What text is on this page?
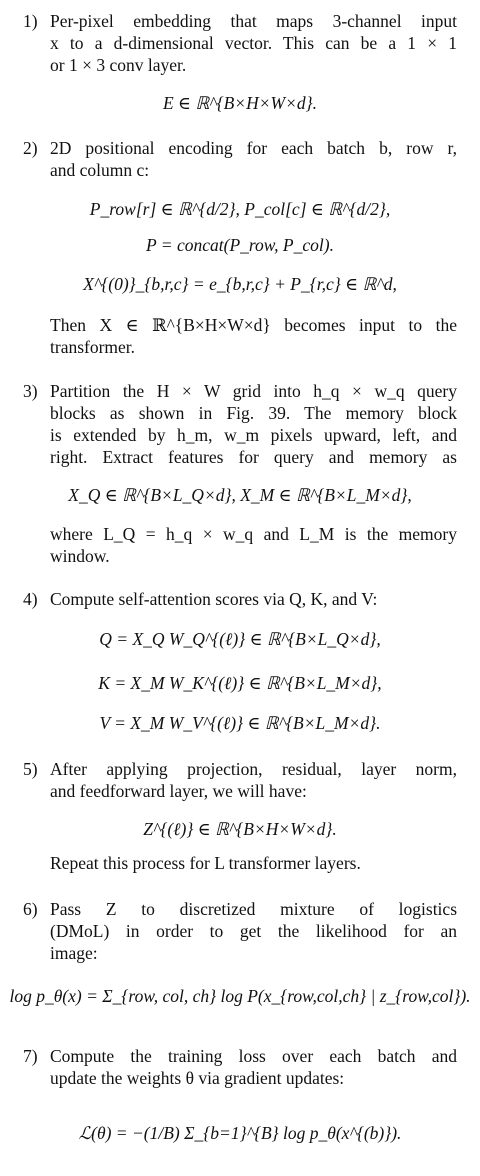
1) Per-pixel embedding that maps 3-channel input
x to a d-dimensional vector. This can be a 1 × 1
or 1 × 3 conv layer.
E ∈ ℝ^{B×H×W×d}.
2) 2D positional encoding for each batch b, row r,
and column c:
P_row[r] ∈ ℝ^{d/2}, P_col[c] ∈ ℝ^{d/2},
P = concat(P_row, P_col).
X^{(0)}_{b,r,c} = e_{b,r,c} + P_{r,c} ∈ ℝ^d,
Then X ∈ ℝ^{B×H×W×d} becomes input to the
transformer.
3) Partition the H × W grid into h_q × w_q query
blocks as shown in Fig. 39. The memory block
is extended by h_m, w_m pixels upward, left, and
right. Extract features for query and memory as
X_Q ∈ ℝ^{B×L_Q×d}, X_M ∈ ℝ^{B×L_M×d},
where L_Q = h_q × w_q and L_M is the memory
window.
4) Compute self-attention scores via Q, K, and V:
Q = X_Q W_Q^{(ℓ)} ∈ ℝ^{B×L_Q×d},
K = X_M W_K^{(ℓ)} ∈ ℝ^{B×L_M×d},
V = X_M W_V^{(ℓ)} ∈ ℝ^{B×L_M×d}.
5) After applying projection, residual, layer norm,
and feedforward layer, we will have:
Z^{(ℓ)} ∈ ℝ^{B×H×W×d}.
Repeat this process for L transformer layers.
6) Pass Z to discretized mixture of logistics
(DMoL) in order to get the likelihood for an
image:
log p_θ(x) = Σ_{row, col, ch} log P(x_{row,col,ch} | z_{row,col}).
7) Compute the training loss over each batch and
update the weights θ via gradient updates:
ℒ(θ) = −(1/B) Σ_{b=1}^{B} log p_θ(x^{(b)}).
